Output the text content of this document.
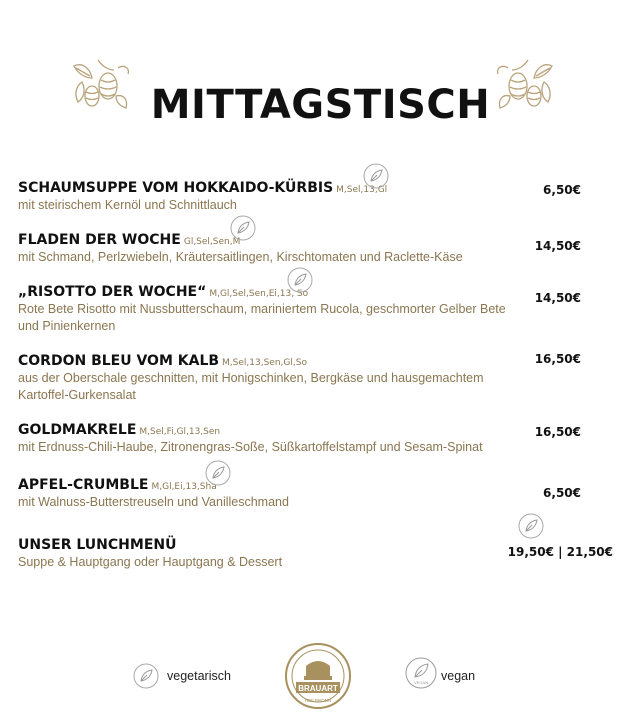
MITTAGSTISCH
SCHAUMSUPPE VOM HOKKAIDO-KÜRBIS M,Sel,13,Gl
mit steirischem Kernöl und Schnittlauch
6,50€
FLADEN DER WOCHE Gl,Sel,Sen,M
mit Schmand, Perlzwiebeln, Kräutersaitlingen, Kirschtomaten und Raclette-Käse
14,50€
„RISOTTO DER WOCHE“ M,Gl,Sel,Sen,Ei,13, So
Rote Bete Risotto mit Nussbutterschaum, mariniertem Rucola, geschmorter Gelber Bete und Pinienkernen
14,50€
CORDON BLEU VOM KALB M,Sel,13,Sen,Gl,So
aus der Oberschale geschnitten, mit Honigschinken, Bergkäse und hausgemachtem Kartoffel-Gurkensalat
16,50€
GOLDMAKRELE M,Sel,Fi,Gl,13,Sen
mit Erdnuss-Chili-Haube, Zitronengras-Soße, Süßkartoffelstampf und Sesam-Spinat
16,50€
APFEL-CRUMBLE M,Gl,Ei,13,Sha
mit Walnuss-Butterstreuseln und Vanilleschmand
6,50€
UNSER LUNCHMENÜ
Suppe & Hauptgang oder Hauptgang & Dessert
19,50€ | 21,50€
vegetarisch
BRAUART
HEILBRONN
VEGAN vegan
